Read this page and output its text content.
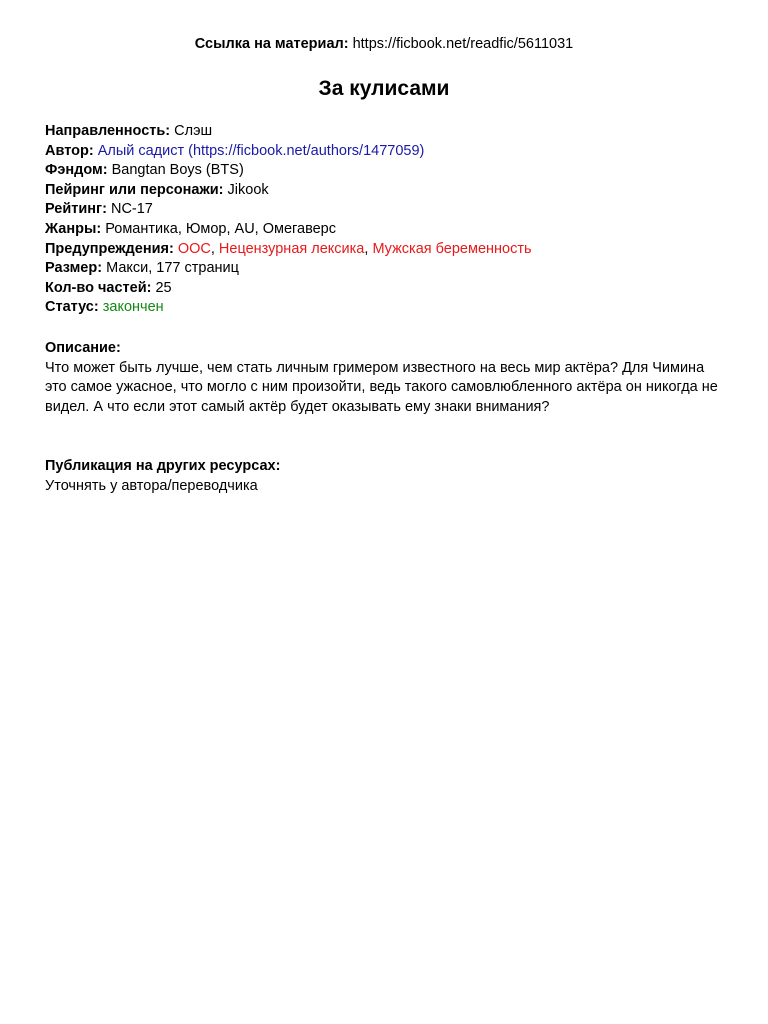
Ссылка на материал: https://ficbook.net/readfic/5611031
За кулисами
Направленность: Слэш
Автор: Алый садист (https://ficbook.net/authors/1477059)
Фэндом: Bangtan Boys (BTS)
Пейринг или персонажи: Jikook
Рейтинг: NC-17
Жанры: Романтика, Юмор, AU, Омегаверс
Предупреждения: ООС, Нецензурная лексика, Мужская беременность
Размер: Макси, 177 страниц
Кол-во частей: 25
Статус: закончен
Описание:
Что может быть лучше, чем стать личным гримером известного на весь мир актёра? Для Чимина это самое ужасное, что могло с ним произойти, ведь такого самовлюбленного актёра он никогда не видел. А что если этот самый актёр будет оказывать ему знаки внимания?
Публикация на других ресурсах:
Уточнять у автора/переводчика
